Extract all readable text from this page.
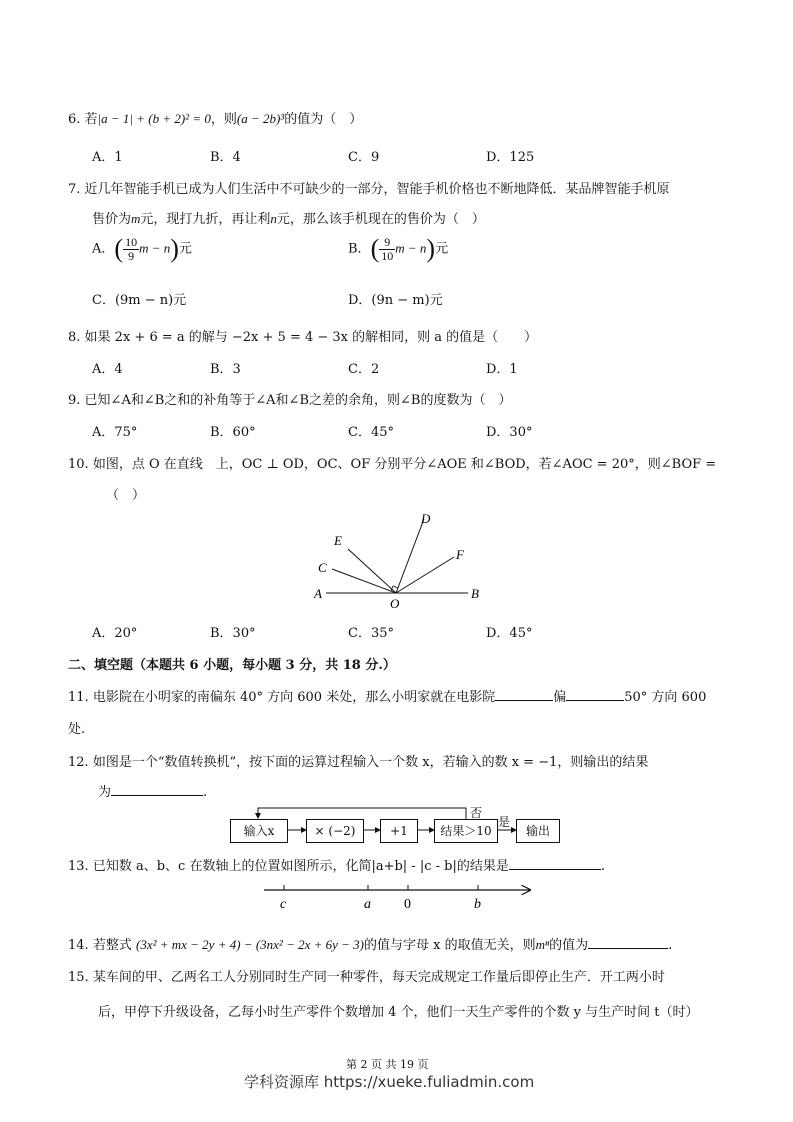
6. 若|a − 1| + (b + 2)² = 0，则(a − 2b)³的值为（　）
A．1	B．4	C．9	D．125
7. 近几年智能手机已成为人们生活中不可缺少的一部分，智能手机价格也不断地降低．某品牌智能手机原
售价为m元，现打九折，再让利n元，那么该手机现在的售价为（　）
A．( $\frac{10}{9}$ m − n)元	B．( $\frac{9}{10}$ m − n)元
C．(9m − n)元	D．(9n − m)元
8. 如果 2x + 6 = a 的解与 −2x + 5 = 4 − 3x 的解相同，则 a 的值是（　　）
A．4	B．3	C．2	D．1
9. 已知∠A和∠B之和的补角等于∠A和∠B之差的余角，则∠B的度数为（　）
A．75°	B．60°	C．45°	D．30°
10. 如图，点 O 在直线　上，OC ⊥ OD，OC、OF 分别平分∠AOE 和∠BOD，若∠AOC = 20°，则∠BOF =
（　）
A	B
C
D
E
F
O
A．20°	B．30°	C．35°	D．45°
二、填空题（本题共 6 小题，每小题 3 分，共 18 分.）
11. 电影院在小明家的南偏东 40° 方向 600 米处，那么小明家就在电影院	偏	50° 方向 600
处.
12. 如图是一个“数值转换机”，按下面的运算过程输入一个数 x，若输入的数 x = −1，则输出的结果
为	.
输入x	× (−2)	+1	结果＞10	输出
否
是
13. 已知数 a、b、c 在数轴上的位置如图所示，化简|a+b| - |c - b|的结果是	.
c	a 0	b
14. 若整式 (3x² + mx − 2y + 4) − (3nx² − 2x + 6y − 3)的值与字母 x 的取值无关，则mⁿ的值为	.
15. 某车间的甲、乙两名工人分别同时生产同一种零件，每天完成规定工作量后即停止生产．开工两小时
后，甲停下升级设备，乙每小时生产零件个数增加 4 个，他们一天生产零件的个数 y 与生产时间 t（时）
第 2 页 共 19 页
学科资源库 https://xueke.fuliadmin.com
